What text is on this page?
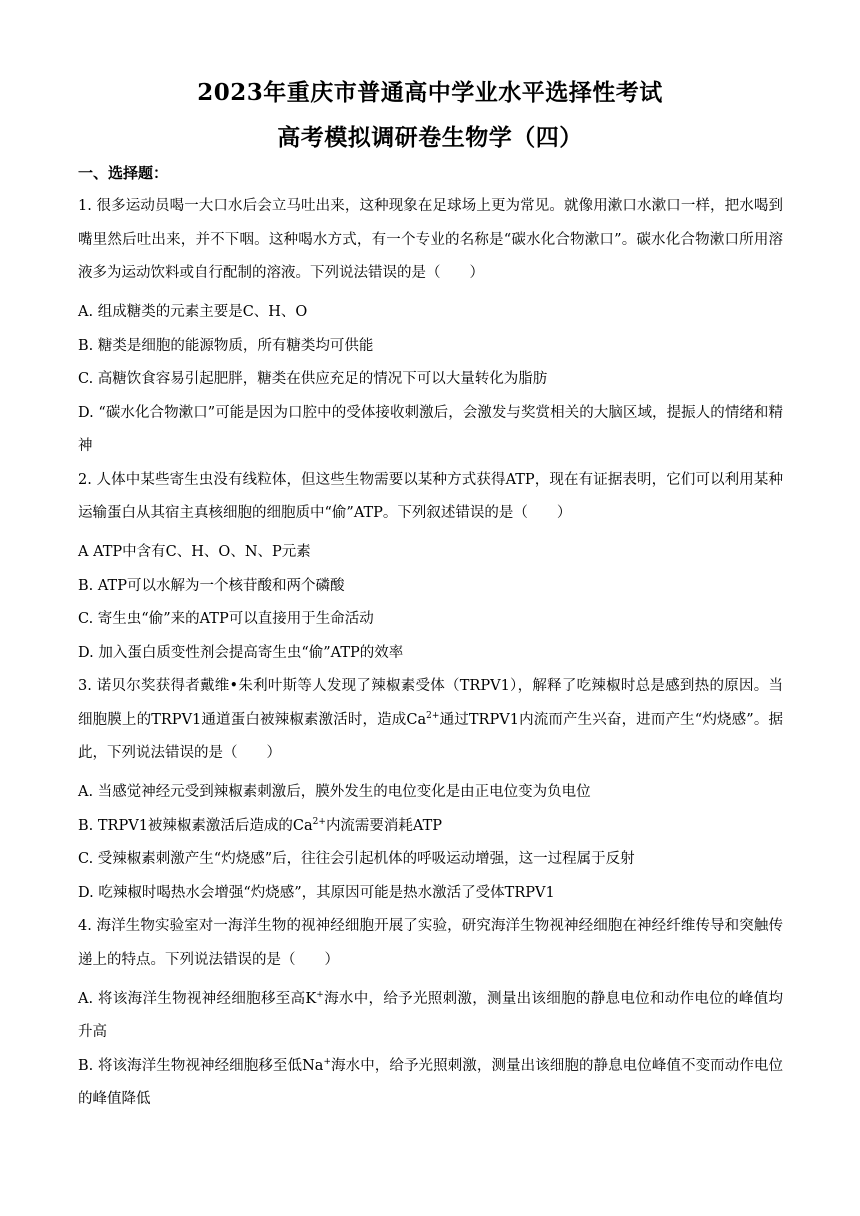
2023年重庆市普通高中学业水平选择性考试
高考模拟调研卷生物学（四）
一、选择题：

1. 很多运动员喝一大口水后会立马吐出来，这种现象在足球场上更为常见。就像用漱口水漱口一样，把水喝到嘴里然后吐出来，并不下咽。这种喝水方式，有一个专业的名称是“碳水化合物漱口”。碳水化合物漱口所用溶液多为运动饮料或自行配制的溶液。下列说法错误的是（　　）

A. 组成糖类的元素主要是C、H、O

B. 糖类是细胞的能源物质，所有糖类均可供能

C. 高糖饮食容易引起肥胖，糖类在供应充足的情况下可以大量转化为脂肪

D. “碳水化合物漱口”可能是因为口腔中的受体接收刺激后，会激发与奖赏相关的大脑区域，提振人的情绪和精神

2. 人体中某些寄生虫没有线粒体，但这些生物需要以某种方式获得ATP，现在有证据表明，它们可以利用某种运输蛋白从其宿主真核细胞的细胞质中“偷”ATP。下列叙述错误的是（　　）

A ATP中含有C、H、O、N、P元素

B. ATP可以水解为一个核苷酸和两个磷酸

C. 寄生虫“偷”来的ATP可以直接用于生命活动

D. 加入蛋白质变性剂会提高寄生虫“偷”ATP的效率

3. 诺贝尔奖获得者戴维•朱利叶斯等人发现了辣椒素受体（TRPV1），解释了吃辣椒时总是感到热的原因。当细胞膜上的TRPV1通道蛋白被辣椒素激活时，造成$Ca^{2+}$通过TRPV1内流而产生兴奋，进而产生“灼烧感”。据此，下列说法错误的是（　　）

A. 当感觉神经元受到辣椒素刺激后，膜外发生的电位变化是由正电位变为负电位

B. TRPV1被辣椒素激活后造成的$Ca^{2+}$内流需要消耗ATP

C. 受辣椒素刺激产生“灼烧感”后，往往会引起机体的呼吸运动增强，这一过程属于反射

D. 吃辣椒时喝热水会增强“灼烧感”，其原因可能是热水激活了受体TRPV1

4. 海洋生物实验室对一海洋生物的视神经细胞开展了实验，研究海洋生物视神经细胞在神经纤维传导和突触传递上的特点。下列说法错误的是（　　）

A. 将该海洋生物视神经细胞移至高K+海水中，给予光照刺激，测量出该细胞的静息电位和动作电位的峰值均升高

B. 将该海洋生物视神经细胞移至低Na+海水中，给予光照刺激，测量出该细胞的静息电位峰值不变而动作电位的峰值降低
